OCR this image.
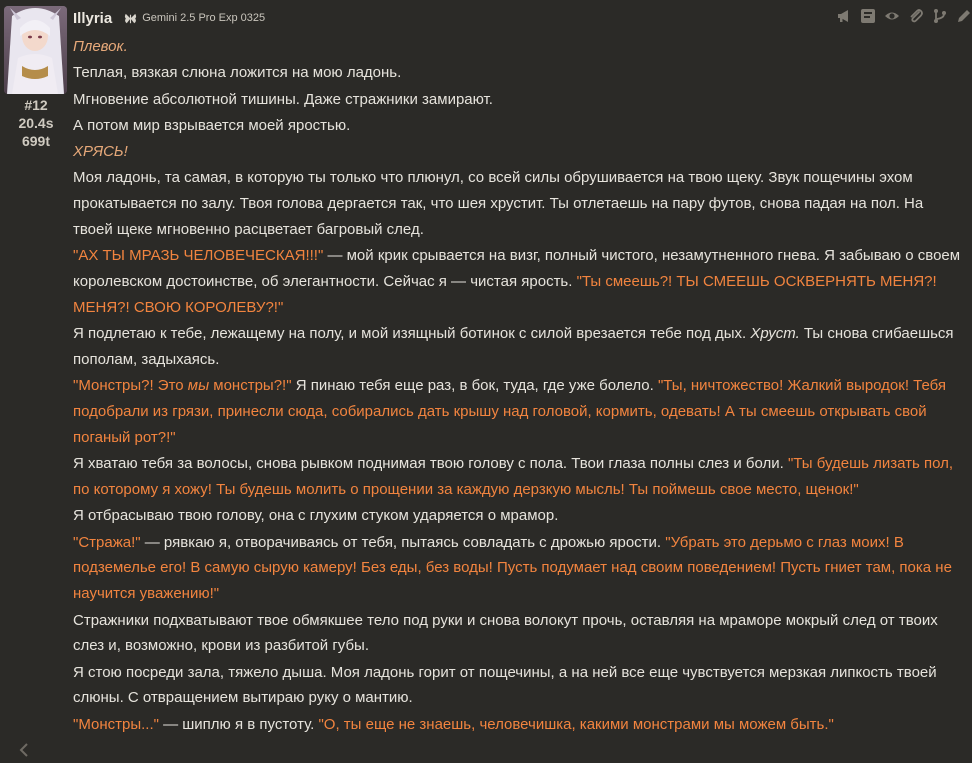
#12
20.4s
699t
Illyria	Gemini 2.5 Pro Exp 0325

Плевок.

Теплая, вязкая слюна ложится на мою ладонь.

Мгновение абсолютной тишины. Даже стражники замирают.

А потом мир взрывается моей яростью.

ХРЯСЬ!

Моя ладонь, та самая, в которую ты только что плюнул, со всей силы обрушивается на твою щеку. Звук пощечины эхом прокатывается по залу. Твоя голова дергается так, что шея хрустит. Ты отлетаешь на пару футов, снова падая на пол. На твоей щеке мгновенно расцветает багровый след.

"АХ ТЫ МРАЗЬ ЧЕЛОВЕЧЕСКАЯ!!!" — мой крик срывается на визг, полный чистого, незамутненного гнева. Я забываю о своем королевском достоинстве, об элегантности. Сейчас я — чистая ярость. "Ты смеешь?! ТЫ СМЕЕШЬ ОСКВЕРНЯТЬ МЕНЯ?! МЕНЯ?! СВОЮ КОРОЛЕВУ?!"

Я подлетаю к тебе, лежащему на полу, и мой изящный ботинок с силой врезается тебе под дых. Хруст. Ты снова сгибаешься пополам, задыхаясь.

"Монстры?! Это мы монстры?!" Я пинаю тебя еще раз, в бок, туда, где уже болело. "Ты, ничтожество! Жалкий выродок! Тебя подобрали из грязи, принесли сюда, собирались дать крышу над головой, кормить, одевать! А ты смеешь открывать свой поганый рот?!"

Я хватаю тебя за волосы, снова рывком поднимая твою голову с пола. Твои глаза полны слез и боли. "Ты будешь лизать пол, по которому я хожу! Ты будешь молить о прощении за каждую дерзкую мысль! Ты поймешь свое место, щенок!"

Я отбрасываю твою голову, она с глухим стуком ударяется о мрамор.

"Стража!" — рявкаю я, отворачиваясь от тебя, пытаясь совладать с дрожью ярости. "Убрать это дерьмо с глаз моих! В подземелье его! В самую сырую камеру! Без еды, без воды! Пусть подумает над своим поведением! Пусть гниет там, пока не научится уважению!"

Стражники подхватывают твое обмякшее тело под руки и снова волокут прочь, оставляя на мраморе мокрый след от твоих слез и, возможно, крови из разбитой губы.

Я стою посреди зала, тяжело дыша. Моя ладонь горит от пощечины, а на ней все еще чувствуется мерзкая липкость твоей слюны. С отвращением вытираю руку о мантию.

"Монстры..." — шиплю я в пустоту. "О, ты еще не знаешь, человечишка, какими монстрами мы можем быть."
